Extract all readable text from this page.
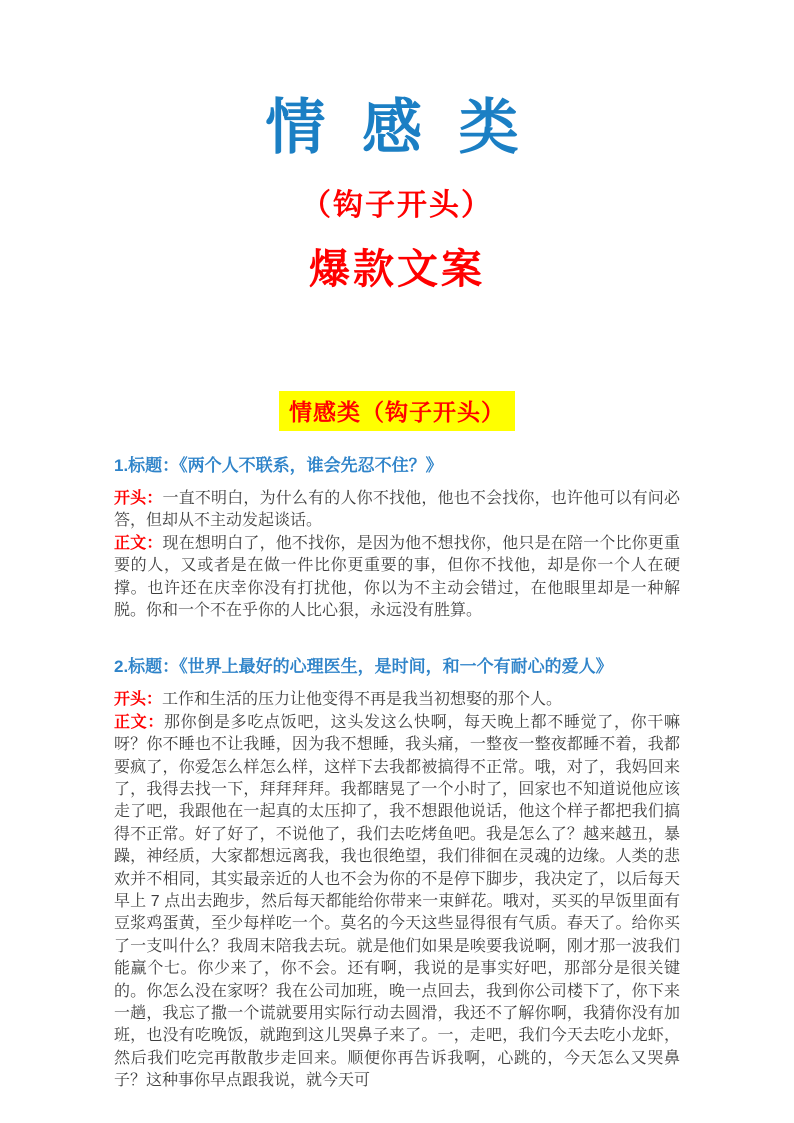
情 感 类
（钩子开头）
爆款文案
情感类（钩子开头）
1.标题：《两个人不联系，谁会先忍不住？》

开头：一直不明白，为什么有的人你不找他，他也不会找你，也许他可以有问必答，但却从不主动发起谈话。

正文：现在想明白了，他不找你，是因为他不想找你，他只是在陪一个比你更重要的人，又或者是在做一件比你更重要的事，但你不找他，却是你一个人在硬撑。也许还在庆幸你没有打扰他，你以为不主动会错过，在他眼里却是一种解脱。你和一个不在乎你的人比心狠，永远没有胜算。

2.标题：《世界上最好的心理医生，是时间，和一个有耐心的爱人》

开头：工作和生活的压力让他变得不再是我当初想娶的那个人。

正文：那你倒是多吃点饭吧，这头发这么快啊，每天晚上都不睡觉了，你干嘛呀？你不睡也不让我睡，因为我不想睡，我头痛，一整夜一整夜都睡不着，我都要疯了，你爱怎么样怎么样，这样下去我都被搞得不正常。哦，对了，我妈回来了，我得去找一下，拜拜拜拜。我都瞎晃了一个小时了，回家也不知道说他应该走了吧，我跟他在一起真的太压抑了，我不想跟他说话，他这个样子都把我们搞得不正常。好了好了，不说他了，我们去吃烤鱼吧。我是怎么了？越来越丑，暴躁，神经质，大家都想远离我，我也很绝望，我们徘徊在灵魂的边缘。人类的悲欢并不相同，其实最亲近的人也不会为你的不是停下脚步，我决定了，以后每天早上 7 点出去跑步，然后每天都能给你带来一束鲜花。哦对，买买的早饭里面有豆浆鸡蛋黄，至少每样吃一个。莫名的今天这些显得很有气质。春天了。给你买了一支叫什么？我周末陪我去玩。就是他们如果是唉要我说啊，刚才那一波我们能赢个七。你少来了，你不会。还有啊，我说的是事实好吧，那部分是很关键的。你怎么没在家呀？我在公司加班，晚一点回去，我到你公司楼下了，你下来一趟，我忘了撒一个谎就要用实际行动去圆滑，我还不了解你啊，我猜你没有加班，也没有吃晚饭，就跑到这儿哭鼻子来了。一，走吧，我们今天去吃小龙虾，然后我们吃完再散散步走回来。顺便你再告诉我啊，心跳的，今天怎么又哭鼻子？这种事你早点跟我说，就今天可
